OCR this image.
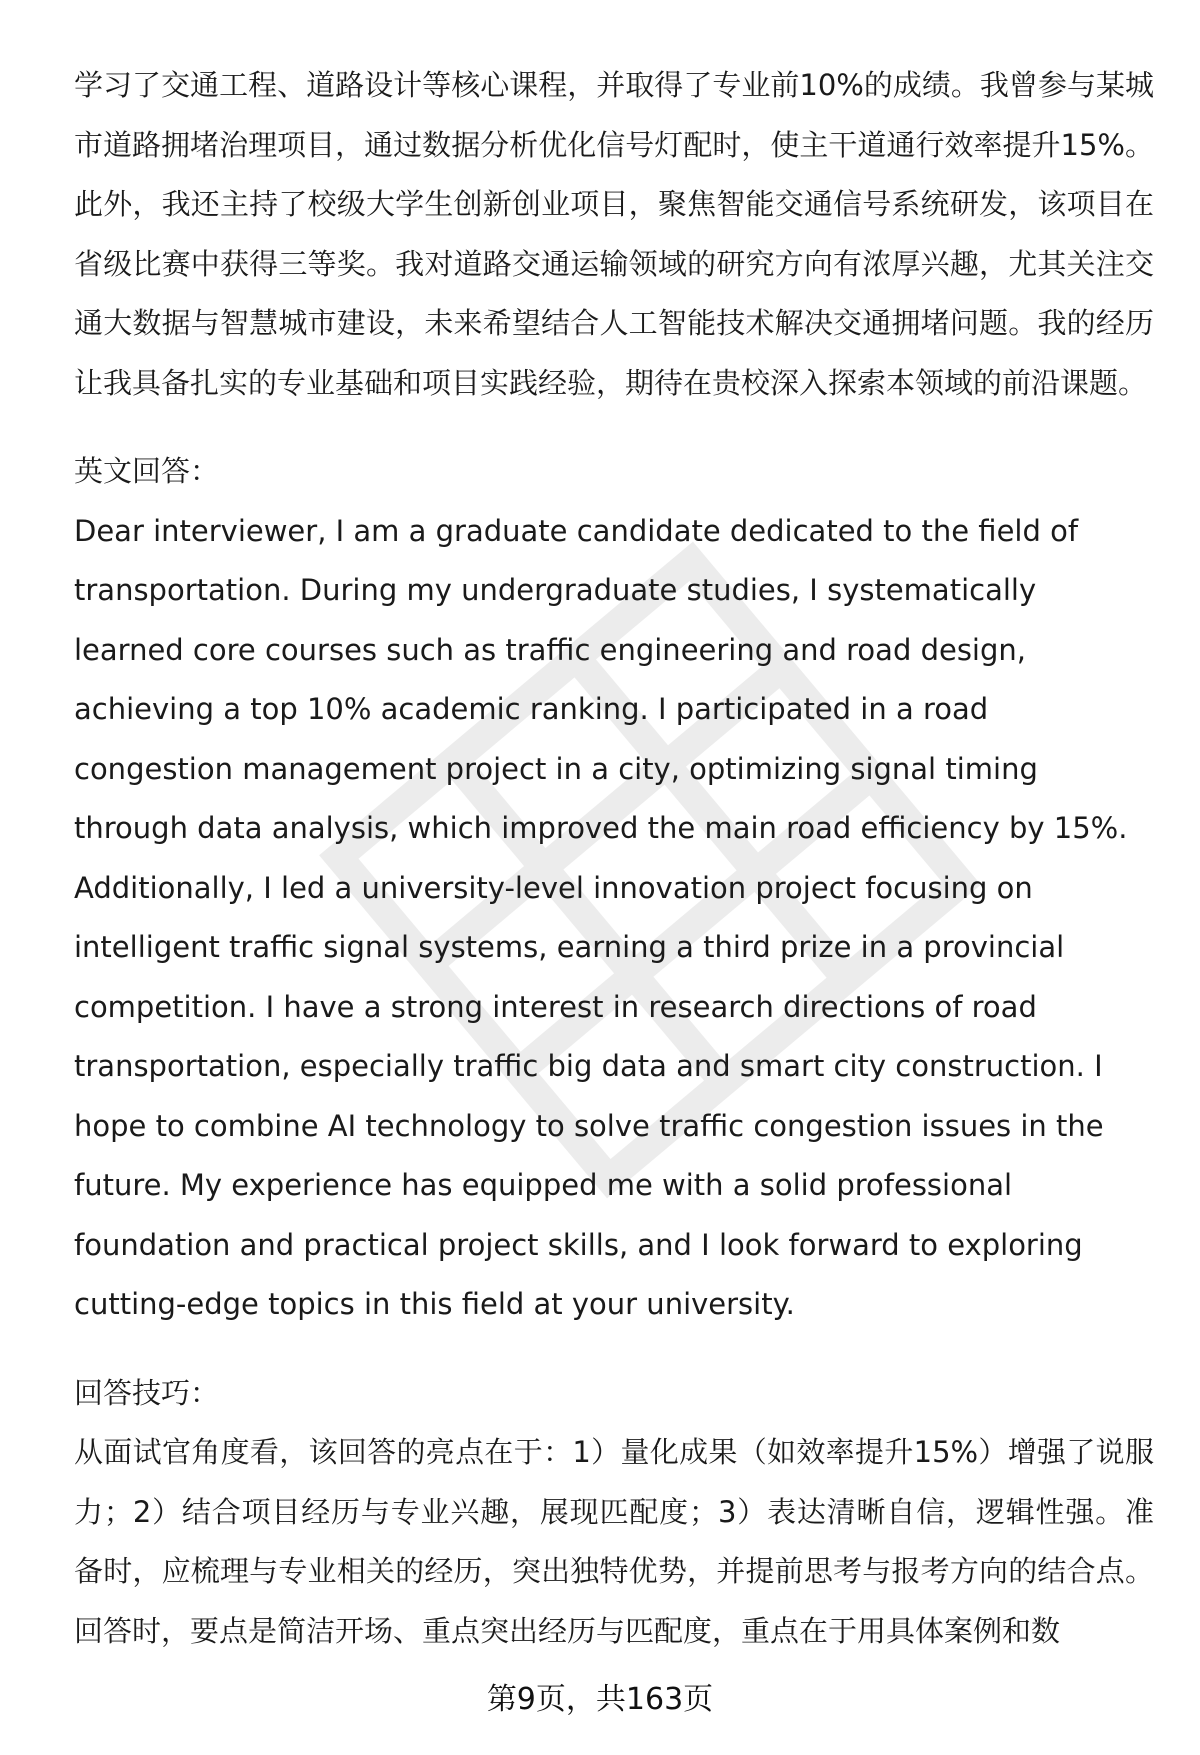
学习了交通工程、道路设计等核心课程，并取得了专业前10%的成绩。我曾参与某城市道路拥堵治理项目，通过数据分析优化信号灯配时，使主干道通行效率提升15%。此外，我还主持了校级大学生创新创业项目，聚焦智能交通信号系统研发，该项目在省级比赛中获得三等奖。我对道路交通运输领域的研究方向有浓厚兴趣，尤其关注交通大数据与智慧城市建设，未来希望结合人工智能技术解决交通拥堵问题。我的经历让我具备扎实的专业基础和项目实践经验，期待在贵校深入探索本领域的前沿课题。

英文回答：

Dear interviewer, I am a graduate candidate dedicated to the field of transportation. During my undergraduate studies, I systematically learned core courses such as traffic engineering and road design, achieving a top 10% academic ranking. I participated in a road congestion management project in a city, optimizing signal timing through data analysis, which improved the main road efficiency by 15%. Additionally, I led a university-level innovation project focusing on intelligent traffic signal systems, earning a third prize in a provincial competition. I have a strong interest in research directions of road transportation, especially traffic big data and smart city construction. I hope to combine AI technology to solve traffic congestion issues in the future. My experience has equipped me with a solid professional foundation and practical project skills, and I look forward to exploring cutting-edge topics in this field at your university.

回答技巧：

从面试官角度看，该回答的亮点在于：1）量化成果（如效率提升15%）增强了说服力；2）结合项目经历与专业兴趣，展现匹配度；3）表达清晰自信，逻辑性强。准备时，应梳理与专业相关的经历，突出独特优势，并提前思考与报考方向的结合点。回答时，要点是简洁开场、重点突出经历与匹配度，重点在于用具体案例和数

第9页，共163页
